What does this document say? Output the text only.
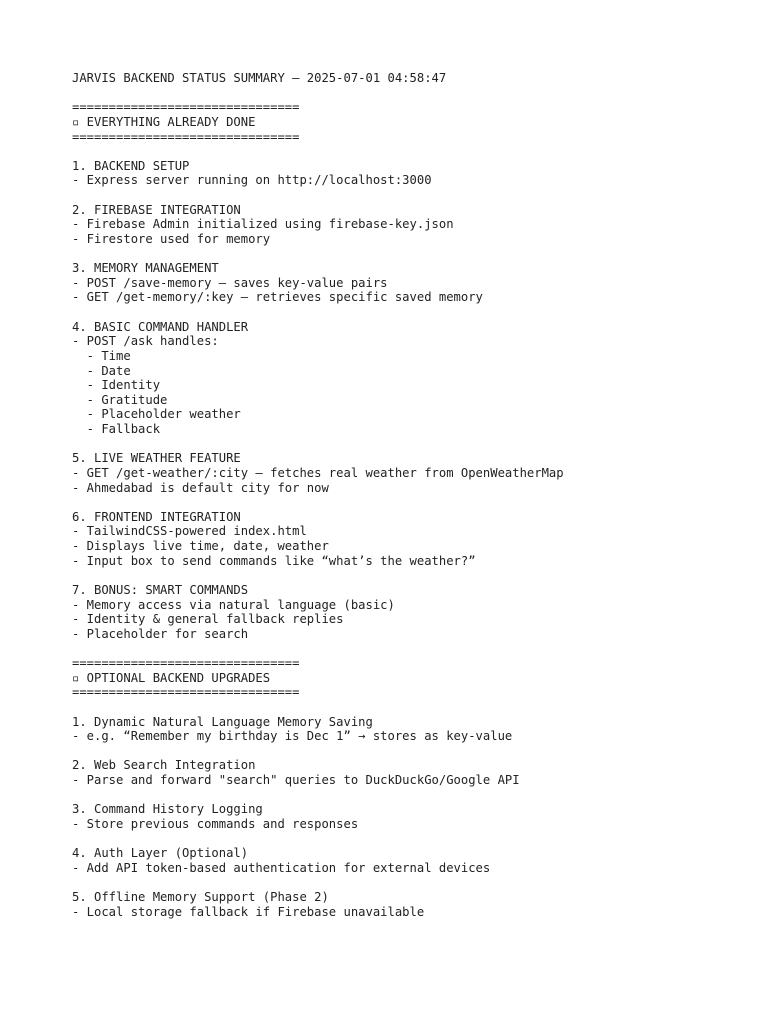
JARVIS BACKEND STATUS SUMMARY — 2025-07-01 04:58:47
===============================
▫ EVERYTHING ALREADY DONE
===============================
1. BACKEND SETUP
- Express server running on http://localhost:3000
2. FIREBASE INTEGRATION
- Firebase Admin initialized using firebase-key.json
- Firestore used for memory
3. MEMORY MANAGEMENT
- POST /save-memory — saves key-value pairs
- GET /get-memory/:key — retrieves specific saved memory
4. BASIC COMMAND HANDLER
- POST /ask handles:
- Time
- Date
- Identity
- Gratitude
- Placeholder weather
- Fallback
5. LIVE WEATHER FEATURE
- GET /get-weather/:city — fetches real weather from OpenWeatherMap
- Ahmedabad is default city for now
6. FRONTEND INTEGRATION
- TailwindCSS-powered index.html
- Displays live time, date, weather
- Input box to send commands like “what’s the weather?”
7. BONUS: SMART COMMANDS
- Memory access via natural language (basic)
- Identity & general fallback replies
- Placeholder for search
===============================
▫ OPTIONAL BACKEND UPGRADES
===============================
1. Dynamic Natural Language Memory Saving
- e.g. “Remember my birthday is Dec 1” → stores as key-value
2. Web Search Integration
- Parse and forward "search" queries to DuckDuckGo/Google API
3. Command History Logging
- Store previous commands and responses
4. Auth Layer (Optional)
- Add API token-based authentication for external devices
5. Offline Memory Support (Phase 2)
- Local storage fallback if Firebase unavailable
